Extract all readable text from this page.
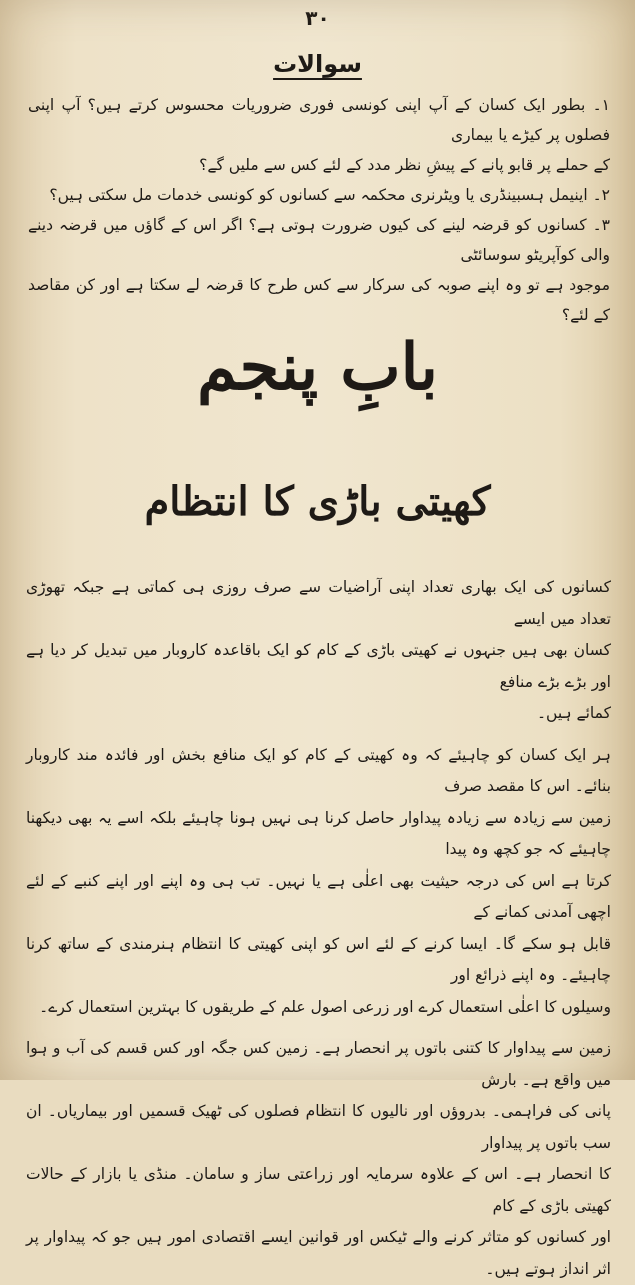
۳۰
سوالات

۱۔ بطور ایک کسان کے آپ اپنی کونسی فوری ضروریات محسوس کرتے ہیں؟ آپ اپنی فصلوں پر کیڑے یا بیماری

کے حملے پر قابو پانے کے پیشِ نظر مدد کے لئے کس سے ملیں گے؟

۲۔ اینیمل ہسبینڈری یا ویٹرنری محکمہ سے کسانوں کو کونسی خدمات مل سکتی ہیں؟

۳۔ کسانوں کو قرضہ لینے کی کیوں ضرورت ہوتی ہے؟ اگر اس کے گاؤں میں قرضہ دینے والی کوآپریٹو سوسائٹی

موجود ہے تو وہ اپنے صوبہ کی سرکار سے کس طرح کا قرضہ لے سکتا ہے اور کن مقاصد کے لئے؟

بابِ پنجم
کھیتی باڑی کا انتظام

کسانوں کی ایک بھاری تعداد اپنی آراضیات سے صرف روزی ہی کماتی ہے جبکہ تھوڑی تعداد میں ایسے

کسان بھی ہیں جنہوں نے کھیتی باڑی کے کام کو ایک باقاعدہ کاروبار میں تبدیل کر دیا ہے اور بڑے بڑے منافع

کمائے ہیں۔

ہر ایک کسان کو چاہیئے کہ وہ کھیتی کے کام کو ایک منافع بخش اور فائدہ مند کاروبار بنائے۔ اس کا مقصد صرف

زمین سے زیادہ سے زیادہ پیداوار حاصل کرنا ہی نہیں ہونا چاہیئے بلکہ اسے یہ بھی دیکھنا چاہیئے کہ جو کچھ وہ پیدا

کرتا ہے اس کی درجہ حیثیت بھی اعلٰی ہے یا نہیں۔ تب ہی وہ اپنے اور اپنے کنبے کے لئے اچھی آمدنی کمانے کے

قابل ہو سکے گا۔ ایسا کرنے کے لئے اس کو اپنی کھیتی کا انتظام ہنرمندی کے ساتھ کرنا چاہیئے۔ وہ اپنے ذرائع اور

وسیلوں کا اعلٰی استعمال کرے اور زرعی اصول علم کے طریقوں کا بہترین استعمال کرے۔

زمین سے پیداوار کا کتنی باتوں پر انحصار ہے۔ زمین کس جگہ اور کس قسم کی آب و ہوا میں واقع ہے۔ بارش

پانی کی فراہمی۔ بدروؤں اور نالیوں کا انتظام فصلوں کی ٹھیک قسمیں اور بیماریاں۔ ان سب باتوں پر پیداوار

کا انحصار ہے۔ اس کے علاوہ سرمایہ اور زراعتی ساز و سامان۔ منڈی یا بازار کے حالات کھیتی باڑی کے کام

اور کسانوں کو متاثر کرنے والے ٹیکس اور قوانین ایسے اقتصادی امور ہیں جو کہ پیداوار پر اثر انداز ہوتے ہیں۔
